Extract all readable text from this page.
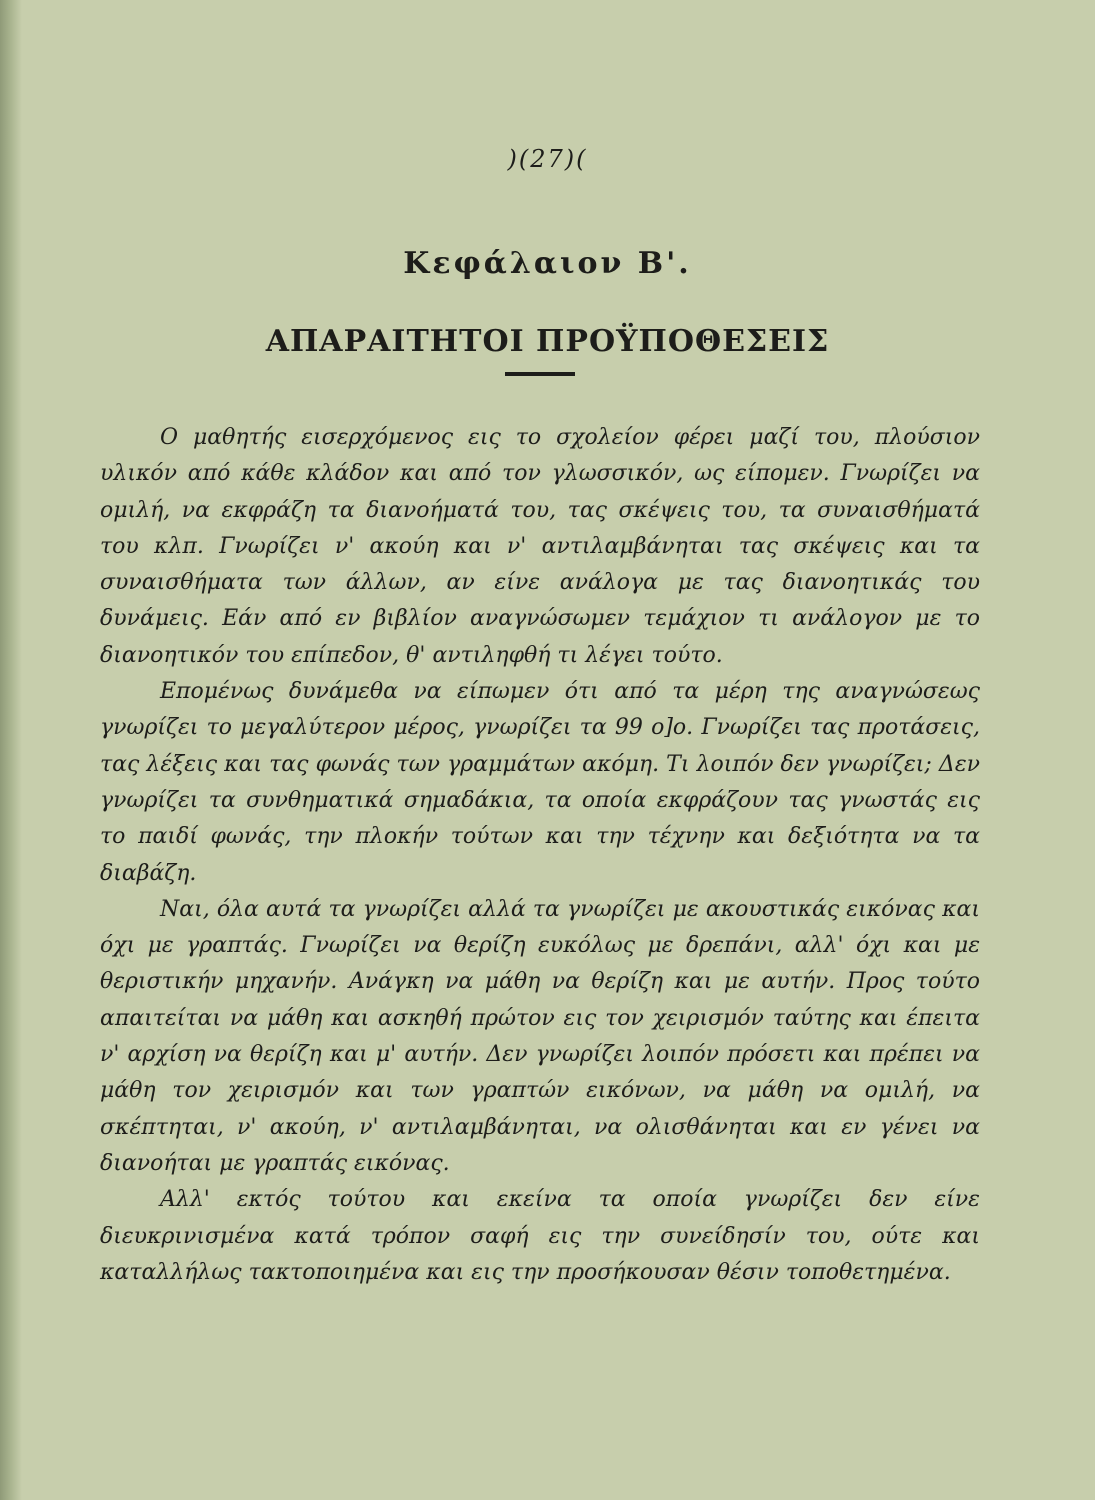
)(27)(
Κεφάλαιον Β'.
ΑΠΑΡΑΙΤΗΤΟΙ ΠΡΟΫΠΟΘΕΣΕΙΣ

Ο μαθητής εισερχόμενος εις το σχολείον φέρει μαζί του, πλούσιον υλικόν από κάθε κλάδον και από τον γλωσσικόν, ως είπομεν. Γνωρίζει να ομιλή, να εκφράζη τα διανοήματά του, τας σκέψεις του, τα συναισθήματά του κλπ. Γνωρίζει ν' ακούη και ν' αντιλαμβάνηται τας σκέψεις και τα συναισθήματα των άλλων, αν είνε ανάλογα με τας διανοητικάς του δυνάμεις. Εάν από εν βιβλίον αναγνώσωμεν τεμάχιον τι ανάλογον με το διανοητικόν του επίπεδον, θ' αντιληφθή τι λέγει τούτο.

Επομένως δυνάμεθα να είπωμεν ότι από τα μέρη της αναγνώσεως γνωρίζει το μεγαλύτερον μέρος, γνωρίζει τα 99 ο]ο. Γνωρίζει τας προτάσεις, τας λέξεις και τας φωνάς των γραμμάτων ακόμη. Τι λοιπόν δεν γνωρίζει; Δεν γνωρίζει τα συνθηματικά σημαδάκια, τα οποία εκφράζουν τας γνωστάς εις το παιδί φωνάς, την πλοκήν τούτων και την τέχνην και δεξιότητα να τα διαβάζη.

Ναι, όλα αυτά τα γνωρίζει αλλά τα γνωρίζει με ακουστικάς εικόνας και όχι με γραπτάς. Γνωρίζει να θερίζη ευκόλως με δρεπάνι, αλλ' όχι και με θεριστικήν μηχανήν. Ανάγκη να μάθη να θερίζη και με αυτήν. Προς τούτο απαιτείται να μάθη και ασκηθή πρώτον εις τον χειρισμόν ταύτης και έπειτα ν' αρχίση να θερίζη και μ' αυτήν. Δεν γνωρίζει λοιπόν πρόσετι και πρέπει να μάθη τον χειρισμόν και των γραπτών εικόνων, να μάθη να ομιλή, να σκέπτηται, ν' ακούη, ν' αντιλαμβάνηται, να ολισθάνηται και εν γένει να διανοήται με γραπτάς εικόνας.

Αλλ' εκτός τούτου και εκείνα τα οποία γνωρίζει δεν είνε διευκρινισμένα κατά τρόπον σαφή εις την συνείδησίν του, ούτε και καταλλήλως τακτοποιημένα και εις την προσήκουσαν θέσιν τοποθετημένα.
